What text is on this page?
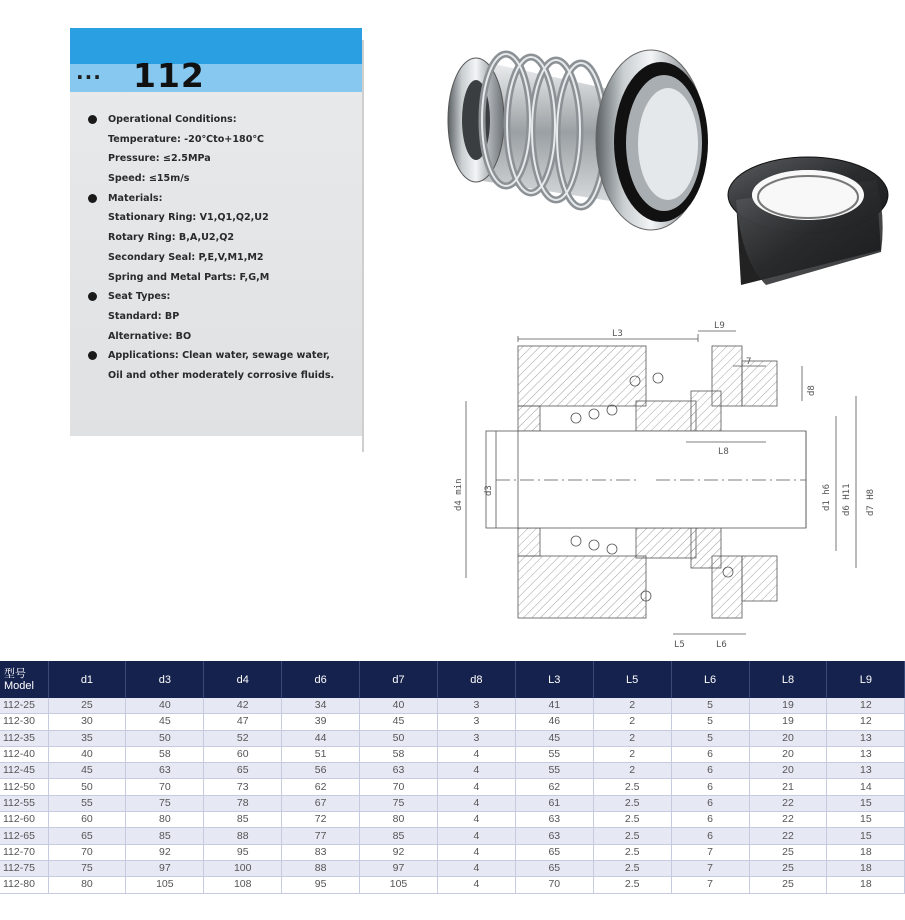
··· 112
Operational Conditions:
Temperature: -20℃to+180℃
Pressure: ≤2.5MPa
Speed: ≤15m/s
Materials:
Stationary Ring: V1,Q1,Q2,U2
Rotary Ring: B,A,U2,Q2
Secondary Seal: P,E,V,M1,M2
Spring and Metal Parts: F,G,M
Seat Types:
Standard: BP
Alternative: BO
Applications: Clean water, sewage water,
Oil and other moderately corrosive fluids.
L3
L9
7
d8
L8
d4 min d3	d1 h6 d6 H11 d7 H8
L5	L6
型号
Model	d1	d3	d4	d6	d7	d8	L3	L5	L6	L8	L9
112-25	25	40	42	34	40	3	41	2	5	19	12
112-30	30	45	47	39	45	3	46	2	5	19	12
112-35	35	50	52	44	50	3	45	2	5	20	13
112-40	40	58	60	51	58	4	55	2	6	20	13
112-45	45	63	65	56	63	4	55	2	6	20	13
112-50	50	70	73	62	70	4	62	2.5	6	21	14
112-55	55	75	78	67	75	4	61	2.5	6	22	15
112-60	60	80	85	72	80	4	63	2.5	6	22	15
112-65	65	85	88	77	85	4	63	2.5	6	22	15
112-70	70	92	95	83	92	4	65	2.5	7	25	18
112-75	75	97	100	88	97	4	65	2.5	7	25	18
112-80	80	105	108	95	105	4	70	2.5	7	25	18
